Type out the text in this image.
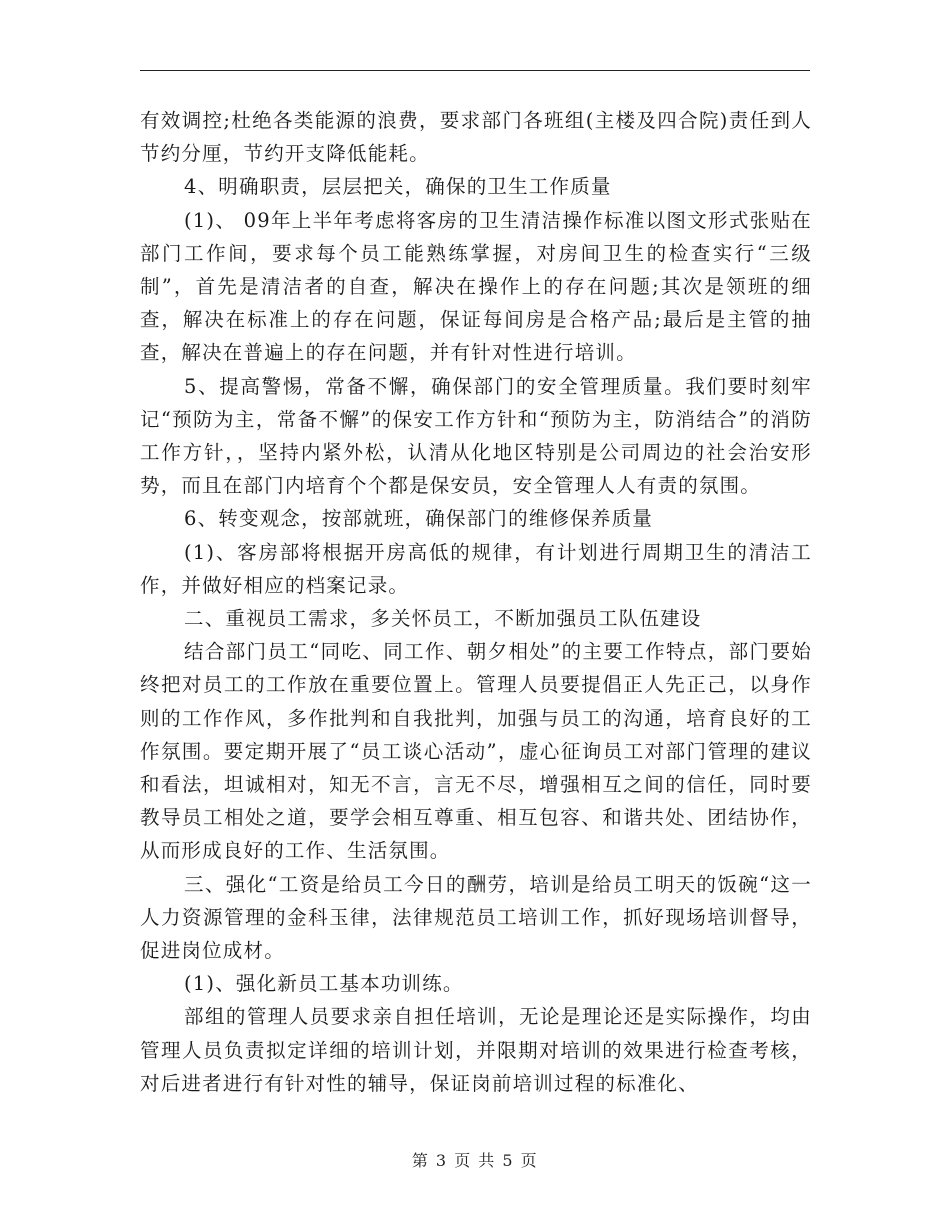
有效调控;杜绝各类能源的浪费，要求部门各班组(主楼及四合院)责任到人节约分厘，节约开支降低能耗。

4、明确职责，层层把关，确保的卫生工作质量

(1)、 09年上半年考虑将客房的卫生清洁操作标准以图文形式张贴在部门工作间，要求每个员工能熟练掌握，对房间卫生的检查实行“三级制”，首先是清洁者的自查，解决在操作上的存在问题;其次是领班的细查，解决在标准上的存在问题，保证每间房是合格产品;最后是主管的抽查，解决在普遍上的存在问题，并有针对性进行培训。

5、提高警惕，常备不懈，确保部门的安全管理质量。我们要时刻牢记“预防为主，常备不懈”的保安工作方针和“预防为主，防消结合”的消防工作方针，，坚持内紧外松，认清从化地区特别是公司周边的社会治安形势，而且在部门内培育个个都是保安员，安全管理人人有责的氛围。

6、转变观念，按部就班，确保部门的维修保养质量

(1)、客房部将根据开房高低的规律，有计划进行周期卫生的清洁工作，并做好相应的档案记录。

二、重视员工需求，多关怀员工，不断加强员工队伍建设

结合部门员工“同吃、同工作、朝夕相处”的主要工作特点，部门要始终把对员工的工作放在重要位置上。管理人员要提倡正人先正己，以身作则的工作作风，多作批判和自我批判，加强与员工的沟通，培育良好的工作氛围。要定期开展了“员工谈心活动”，虚心征询员工对部门管理的建议和看法，坦诚相对，知无不言，言无不尽，增强相互之间的信任，同时要教导员工相处之道，要学会相互尊重、相互包容、和谐共处、团结协作，从而形成良好的工作、生活氛围。

三、强化“工资是给员工今日的酬劳，培训是给员工明天的饭碗“这一人力资源管理的金科玉律，法律规范员工培训工作，抓好现场培训督导，促进岗位成材。

(1)、强化新员工基本功训练。

部组的管理人员要求亲自担任培训，无论是理论还是实际操作，均由管理人员负责拟定详细的培训计划，并限期对培训的效果进行检查考核，对后进者进行有针对性的辅导，保证岗前培训过程的标准化、

第 3 页 共 5 页
